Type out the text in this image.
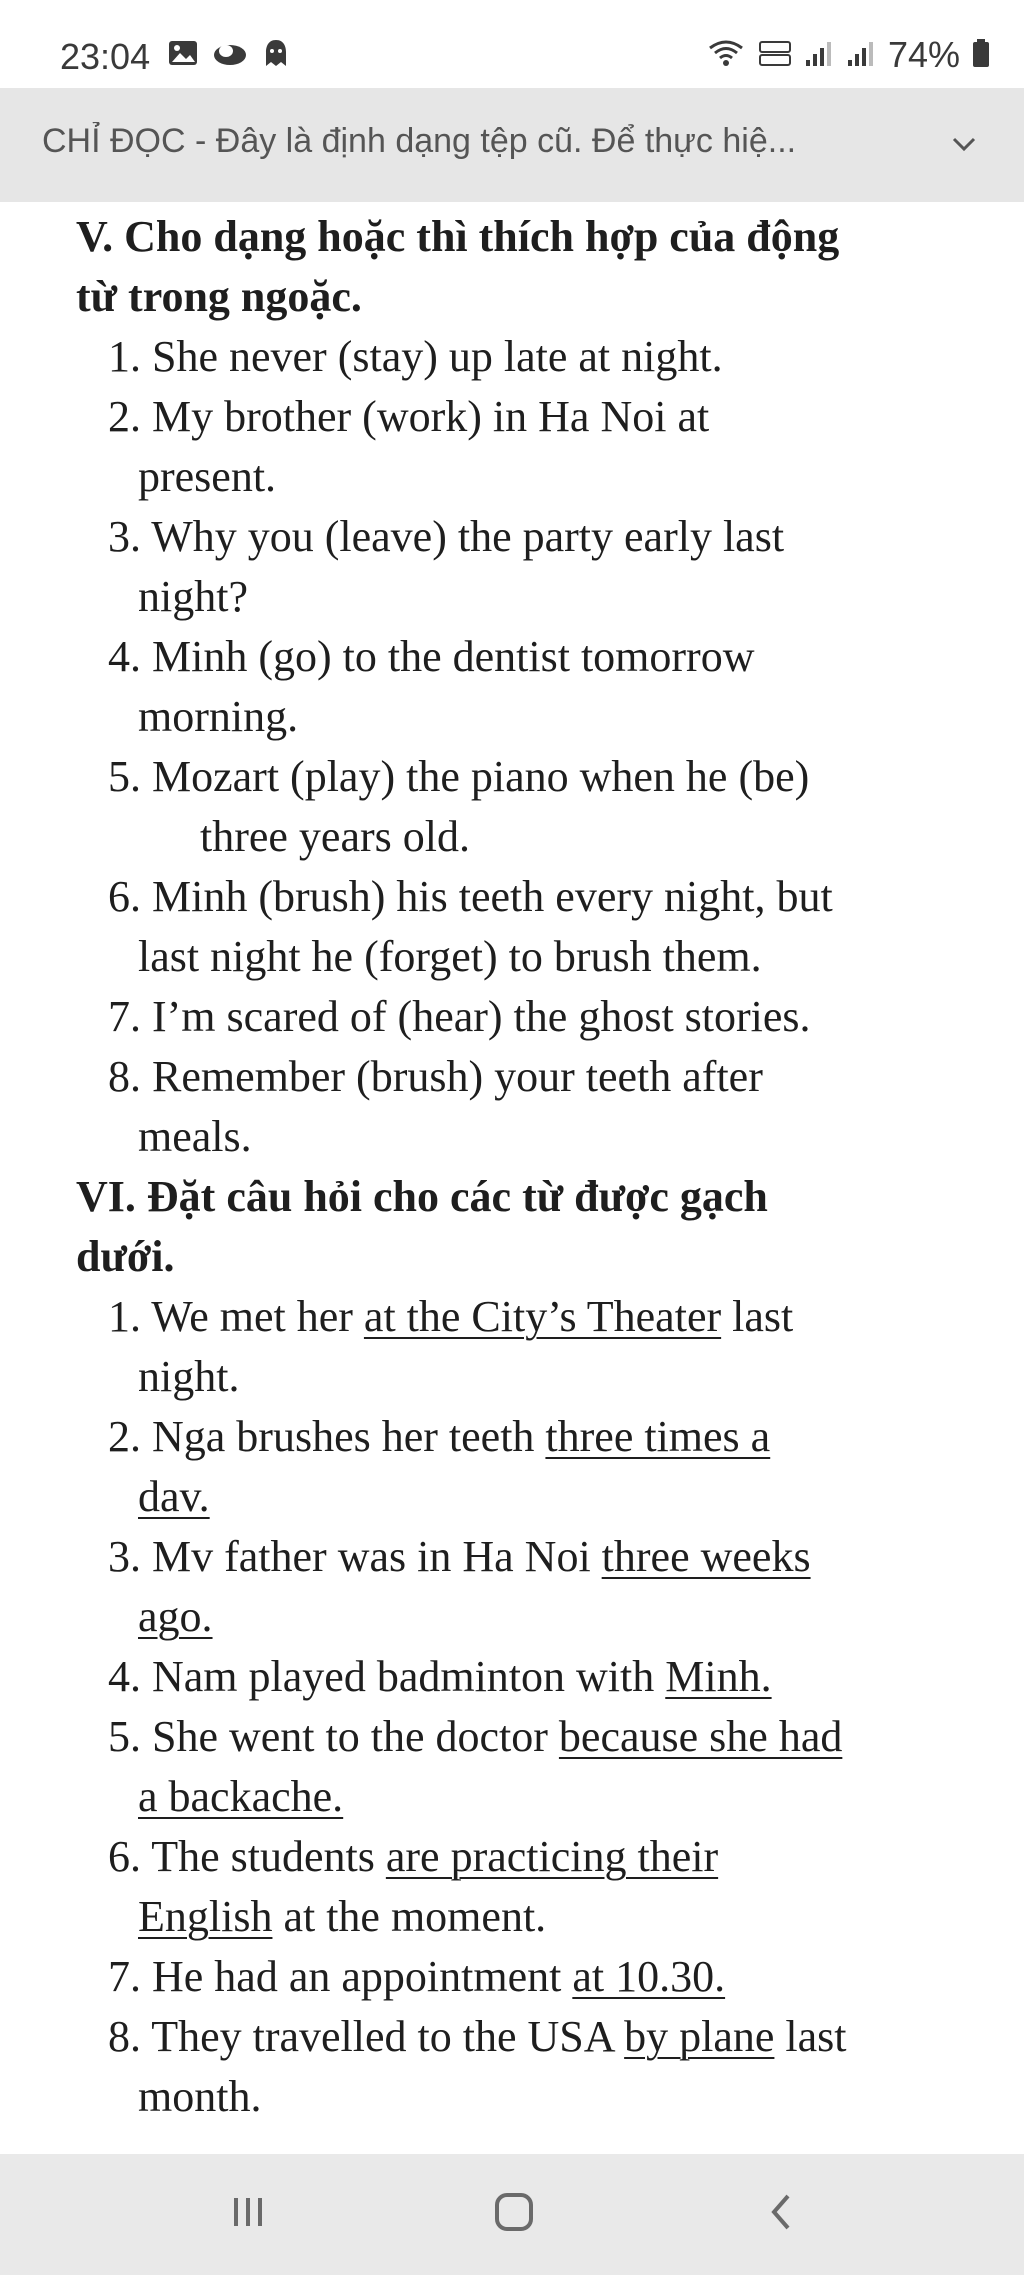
23:04	74%
CHỈ ĐỌC - Đây là định dạng tệp cũ. Để thực hiệ...
V. Cho dạng hoặc thì thích hợp của động
từ trong ngoặc.
1. She never (stay) up late at night.
2. My brother (work) in Ha Noi at
present.
3. Why you (leave) the party early last
night?
4. Minh (go) to the dentist tomorrow
morning.
5. Mozart (play) the piano when he (be)
three years old.
6. Minh (brush) his teeth every night, but
last night he (forget) to brush them.
7. I’m scared of (hear) the ghost stories.
8. Remember (brush) your teeth after
meals.
VI. Đặt câu hỏi cho các từ được gạch
dưới.
1. We met her at the City’s Theater last
night.
2. Nga brushes her teeth three times a
dav.
3. Mv father was in Ha Noi three weeks
ago.
4. Nam played badminton with Minh.
5. She went to the doctor because she had
a backache.
6. The students are practicing their
English at the moment.
7. He had an appointment at 10.30.
8. They travelled to the USA by plane last
month.
